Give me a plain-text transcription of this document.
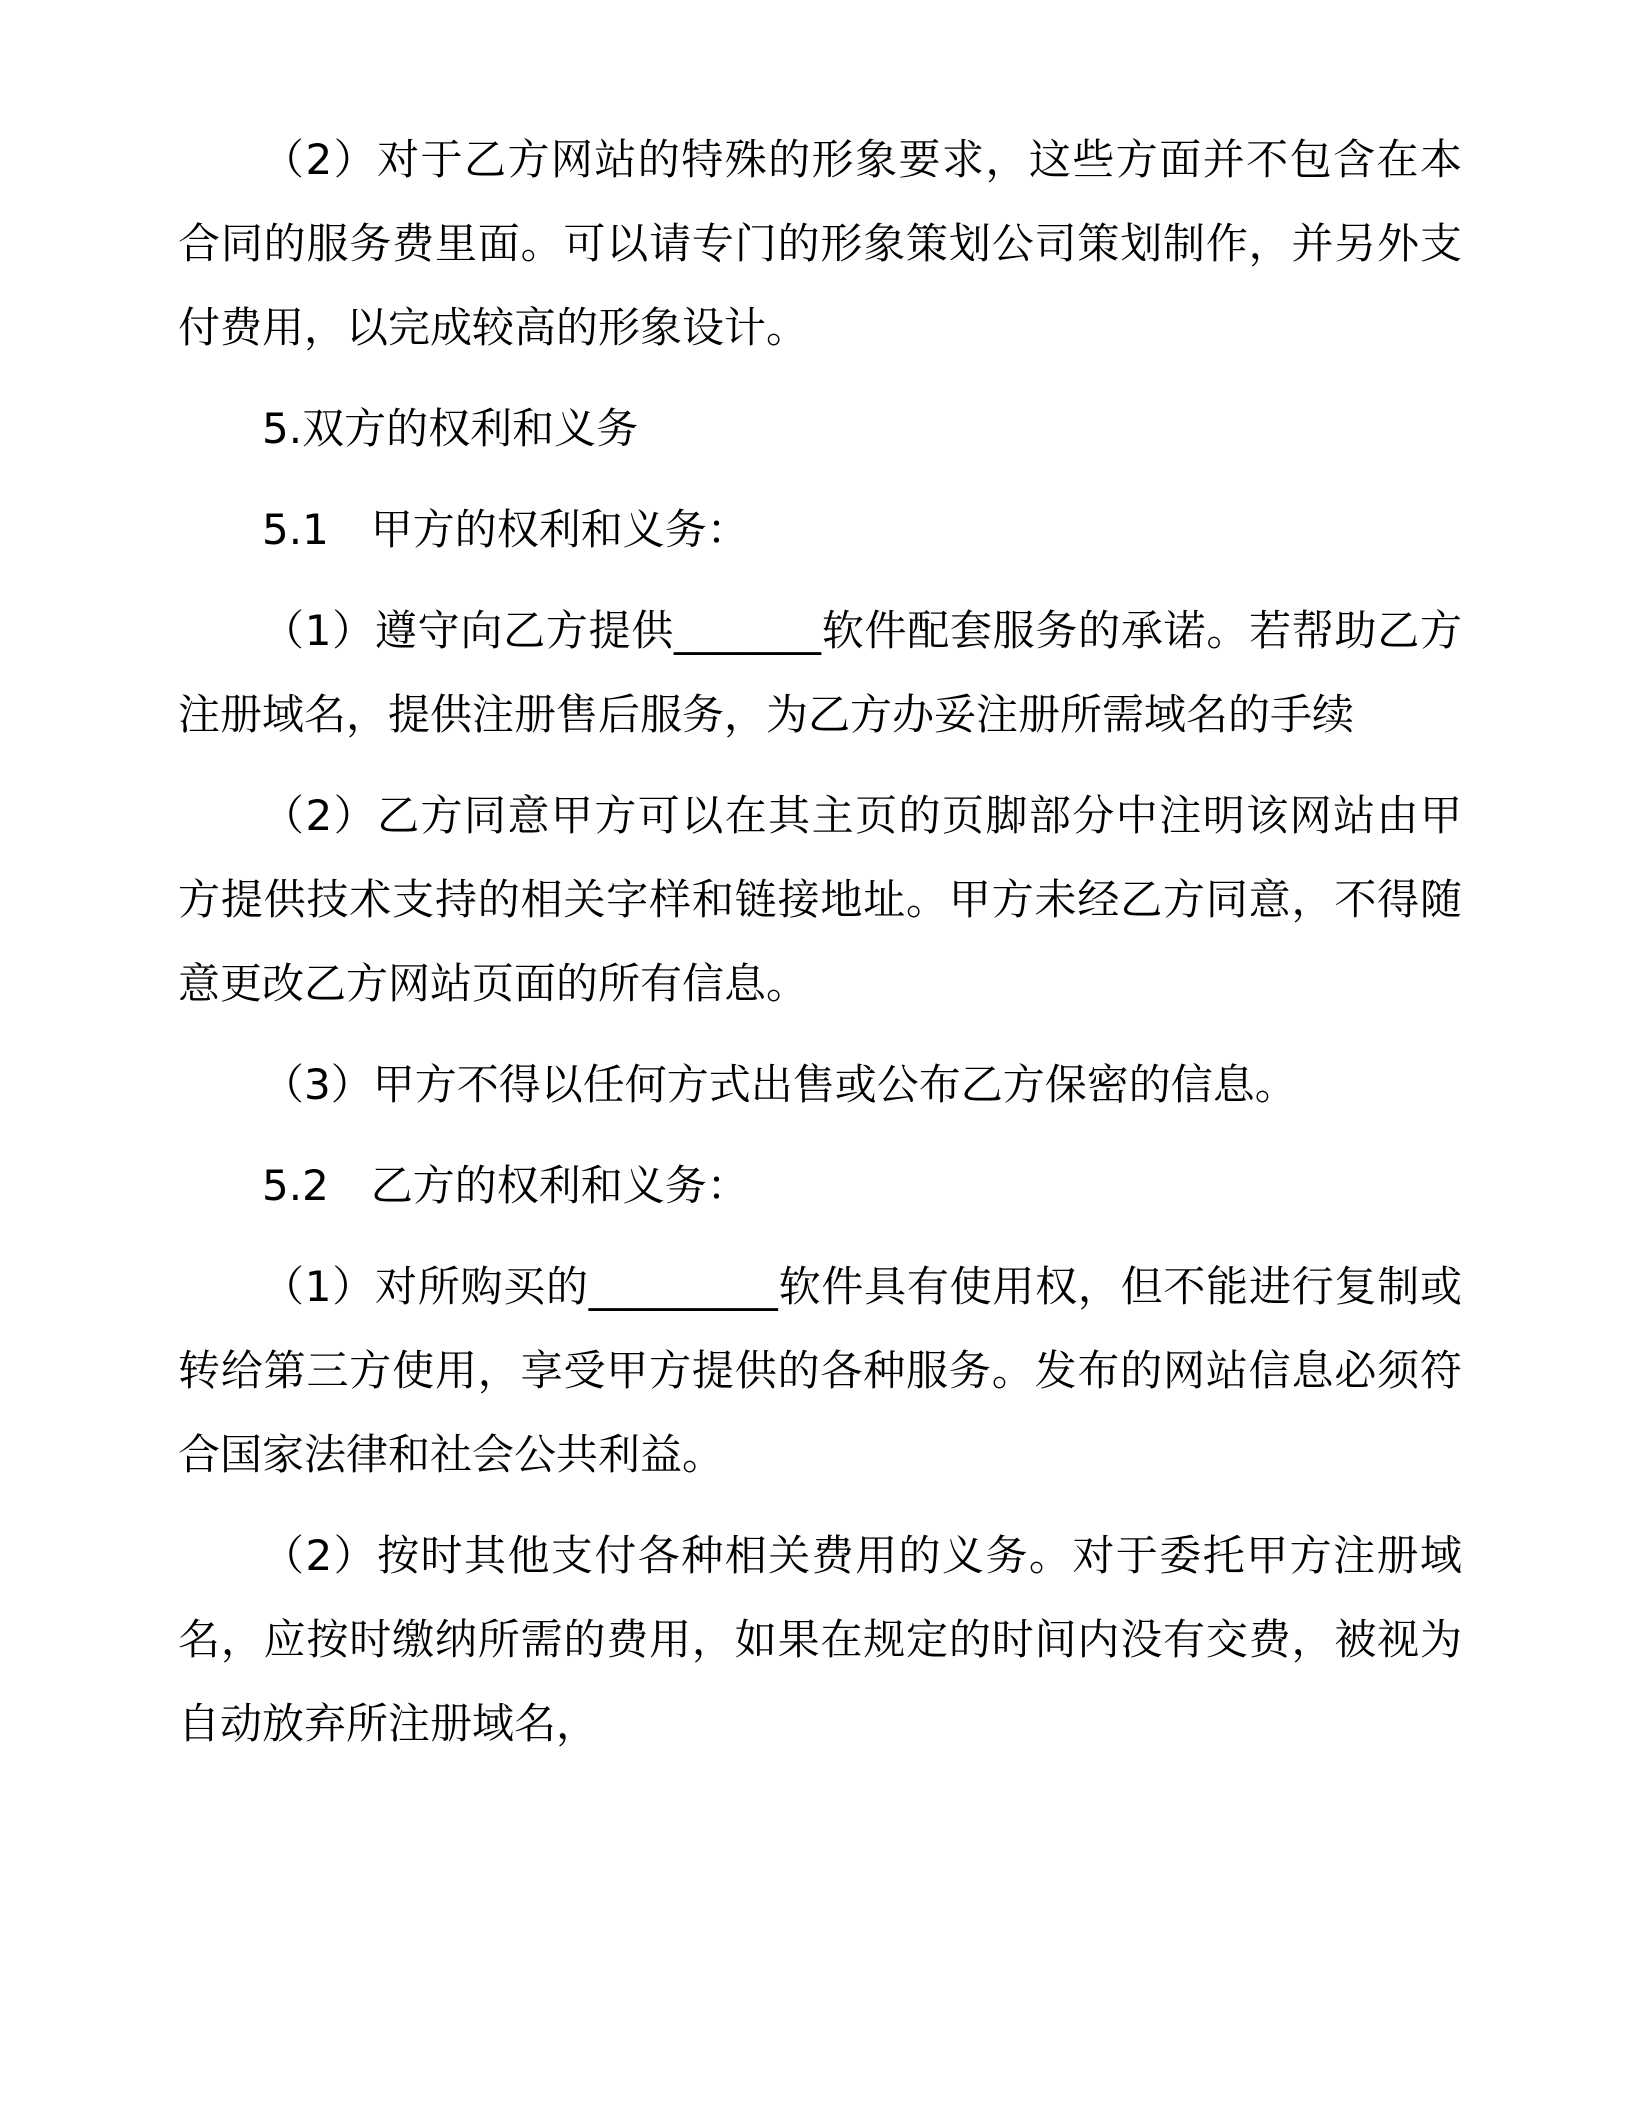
（2）对于乙方网站的特殊的形象要求，这些方面并不包含在本合同的服务费里面。可以请专门的形象策划公司策划制作，并另外支付费用，以完成较高的形象设计。

5.双方的权利和义务

5.1　甲方的权利和义务：

（1）遵守向乙方提供_______软件配套服务的承诺。若帮助乙方注册域名，提供注册售后服务，为乙方办妥注册所需域名的手续

（2）乙方同意甲方可以在其主页的页脚部分中注明该网站由甲方提供技术支持的相关字样和链接地址。甲方未经乙方同意，不得随意更改乙方网站页面的所有信息。

（3）甲方不得以任何方式出售或公布乙方保密的信息。

5.2　乙方的权利和义务：

（1）对所购买的_________软件具有使用权，但不能进行复制或转给第三方使用，享受甲方提供的各种服务。发布的网站信息必须符合国家法律和社会公共利益。

（2）按时其他支付各种相关费用的义务。对于委托甲方注册域名，应按时缴纳所需的费用，如果在规定的时间内没有交费，被视为自动放弃所注册域名，
